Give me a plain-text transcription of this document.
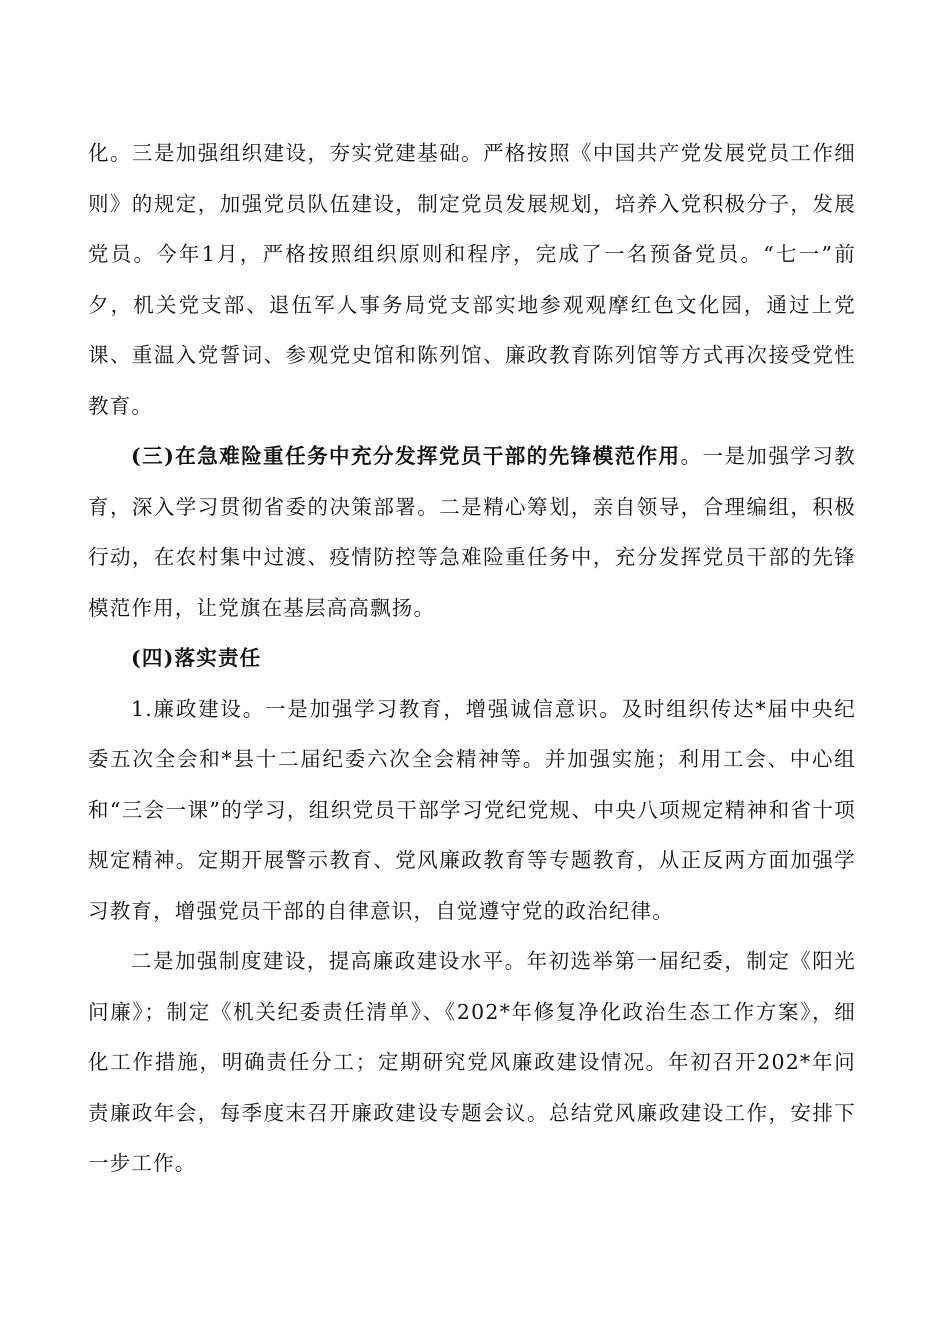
化。三是加强组织建设，夯实党建基础。严格按照《中国共产党发展党员工作细则》的规定，加强党员队伍建设，制定党员发展规划，培养入党积极分子，发展党员。今年1月，严格按照组织原则和程序，完成了一名预备党员。“七一”前夕，机关党支部、退伍军人事务局党支部实地参观观摩红色文化园，通过上党课、重温入党誓词、参观党史馆和陈列馆、廉政教育陈列馆等方式再次接受党性教育。

(三)在急难险重任务中充分发挥党员干部的先锋模范作用。一是加强学习教育，深入学习贯彻省委的决策部署。二是精心筹划，亲自领导，合理编组，积极行动，在农村集中过渡、疫情防控等急难险重任务中，充分发挥党员干部的先锋模范作用，让党旗在基层高高飘扬。

(四)落实责任

1.廉政建设。一是加强学习教育，增强诚信意识。及时组织传达*届中央纪委五次全会和*县十二届纪委六次全会精神等。并加强实施；利用工会、中心组和“三会一课”的学习，组织党员干部学习党纪党规、中央八项规定精神和省十项规定精神。定期开展警示教育、党风廉政教育等专题教育，从正反两方面加强学习教育，增强党员干部的自律意识，自觉遵守党的政治纪律。

二是加强制度建设，提高廉政建设水平。年初选举第一届纪委，制定《阳光问廉》；制定《机关纪委责任清单》、《202*年修复净化政治生态工作方案》，细化工作措施，明确责任分工；定期研究党风廉政建设情况。年初召开202*年问责廉政年会，每季度末召开廉政建设专题会议。总结党风廉政建设工作，安排下一步工作。
